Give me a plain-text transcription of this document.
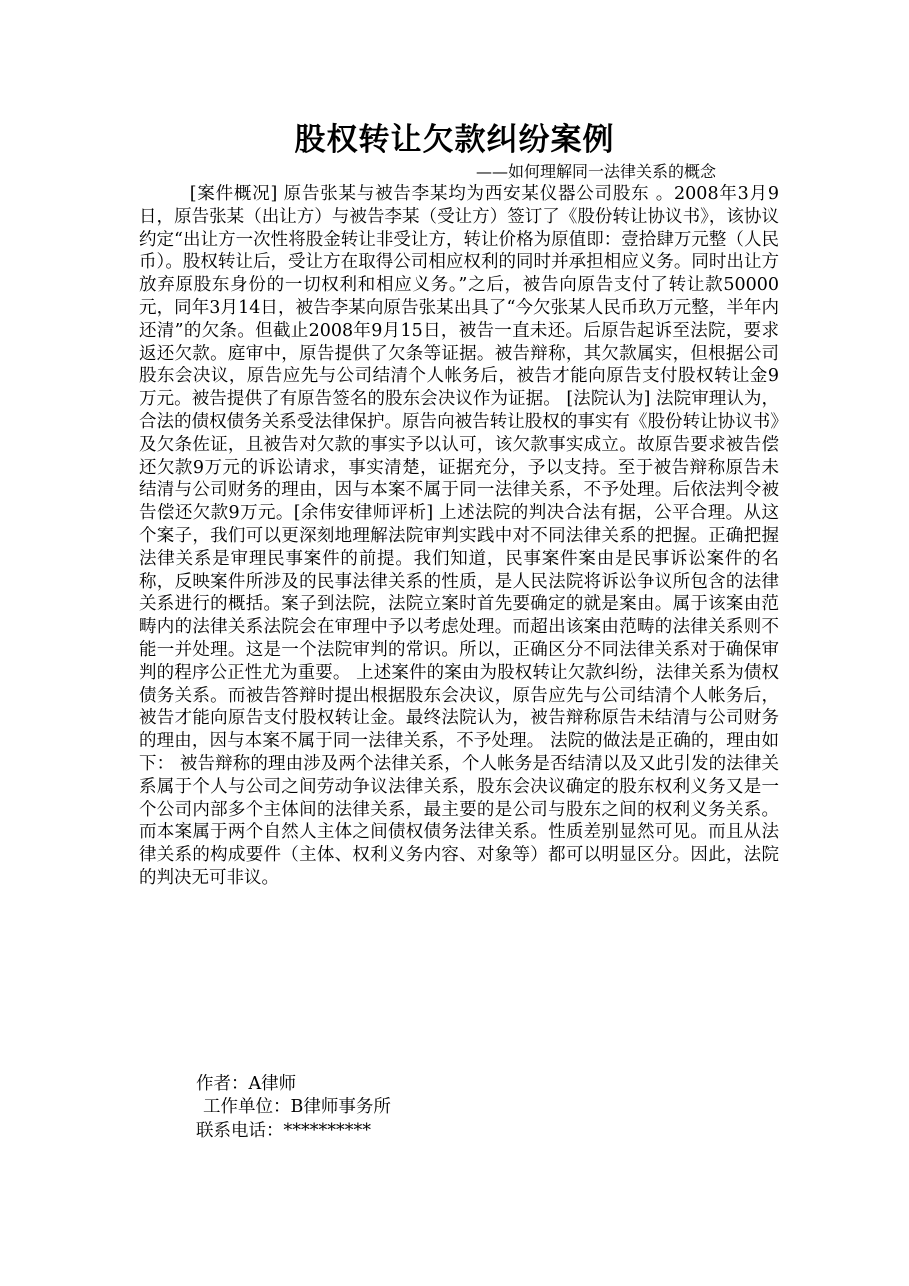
股权转让欠款纠纷案例

——如何理解同一法律关系的概念

[案件概况] 原告张某与被告李某均为西安某仪器公司股东 。2008年3月9日，原告张某（出让方）与被告李某（受让方）签订了《股份转让协议书》，该协议约定“出让方一次性将股金转让非受让方，转让价格为原值即：壹拾肆万元整（人民币）。股权转让后，受让方在取得公司相应权利的同时并承担相应义务。同时出让方放弃原股东身份的一切权利和相应义务。”之后，被告向原告支付了转让款50000元，同年3月14日，被告李某向原告张某出具了“今欠张某人民币玖万元整，半年内还清”的欠条。但截止2008年9月15日，被告一直未还。后原告起诉至法院，要求返还欠款。庭审中，原告提供了欠条等证据。被告辩称，其欠款属实，但根据公司股东会决议，原告应先与公司结清个人帐务后，被告才能向原告支付股权转让金9万元。被告提供了有原告签名的股东会决议作为证据。 [法院认为] 法院审理认为，合法的债权债务关系受法律保护。原告向被告转让股权的事实有《股份转让协议书》及欠条佐证，且被告对欠款的事实予以认可，该欠款事实成立。故原告要求被告偿还欠款9万元的诉讼请求，事实清楚，证据充分，予以支持。至于被告辩称原告未结清与公司财务的理由，因与本案不属于同一法律关系，不予处理。后依法判令被告偿还欠款9万元。[余伟安律师评析] 上述法院的判决合法有据，公平合理。从这个案子，我们可以更深刻地理解法院审判实践中对不同法律关系的把握。正确把握法律关系是审理民事案件的前提。我们知道，民事案件案由是民事诉讼案件的名称，反映案件所涉及的民事法律关系的性质，是人民法院将诉讼争议所包含的法律关系进行的概括。案子到法院，法院立案时首先要确定的就是案由。属于该案由范畴内的法律关系法院会在审理中予以考虑处理。而超出该案由范畴的法律关系则不能一并处理。这是一个法院审判的常识。所以，正确区分不同法律关系对于确保审判的程序公正性尤为重要。 上述案件的案由为股权转让欠款纠纷，法律关系为债权债务关系。而被告答辩时提出根据股东会决议，原告应先与公司结清个人帐务后，被告才能向原告支付股权转让金。最终法院认为，被告辩称原告未结清与公司财务的理由，因与本案不属于同一法律关系，不予处理。 法院的做法是正确的，理由如下： 被告辩称的理由涉及两个法律关系，个人帐务是否结清以及又此引发的法律关系属于个人与公司之间劳动争议法律关系，股东会决议确定的股东权利义务又是一个公司内部多个主体间的法律关系，最主要的是公司与股东之间的权利义务关系。而本案属于两个自然人主体之间债权债务法律关系。性质差别显然可见。而且从法律关系的构成要件（主体、权利义务内容、对象等）都可以明显区分。因此，法院的判决无可非议。

作者：A律师

工作单位：B律师事务所

联系电话：**********
